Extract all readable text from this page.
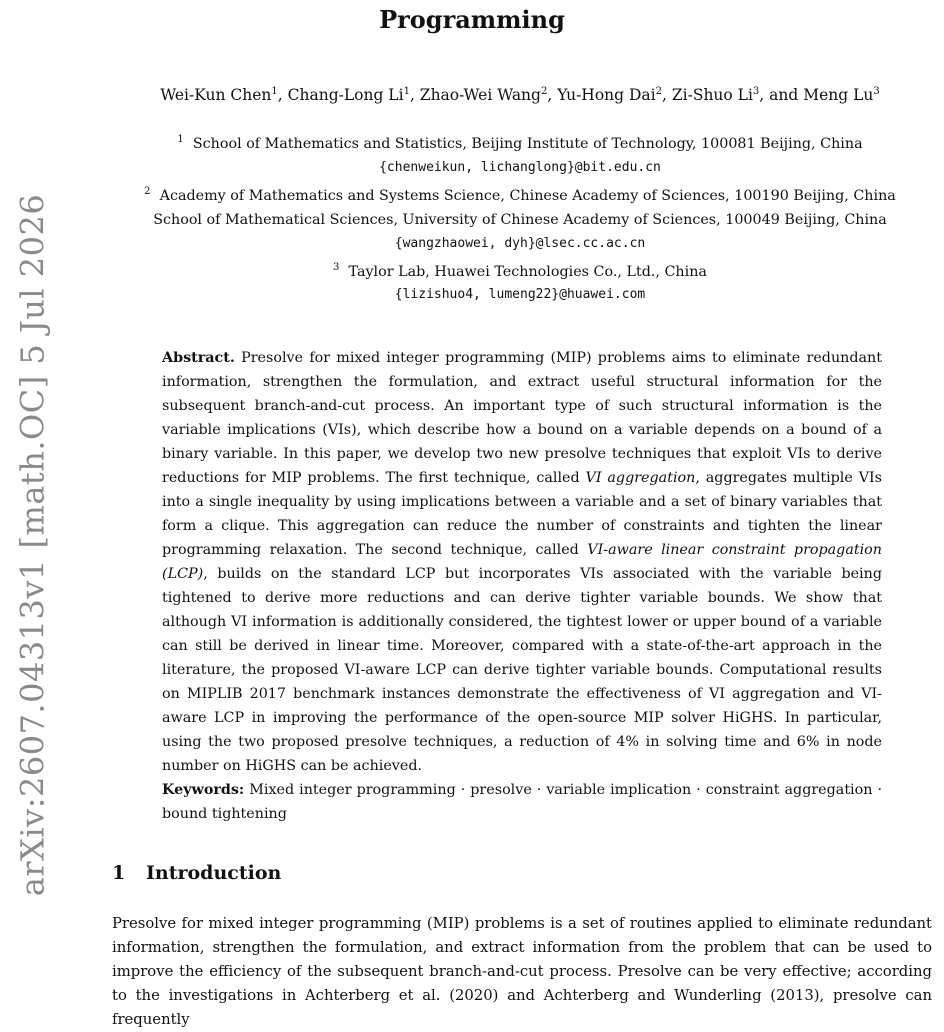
arXiv:2607.04313v1 [math.OC] 5 Jul 2026
Programming
Wei-Kun Chen$^1$, Chang-Long Li$^1$, Zhao-Wei Wang$^2$, Yu-Hong Dai$^2$, Zi-Shuo Li$^3$, and Meng Lu$^3$
$^1$ School of Mathematics and Statistics, Beijing Institute of Technology, 100081 Beijing, China
{chenweikun, lichanglong}@bit.edu.cn
$^2$ Academy of Mathematics and Systems Science, Chinese Academy of Sciences, 100190 Beijing, China
School of Mathematical Sciences, University of Chinese Academy of Sciences, 100049 Beijing, China
{wangzhaowei, dyh}@lsec.cc.ac.cn
$^3$ Taylor Lab, Huawei Technologies Co., Ltd., China
{lizishuo4, lumeng22}@huawei.com
Abstract. Presolve for mixed integer programming (MIP) problems aims to eliminate redundant information, strengthen the formulation, and extract useful structural information for the subsequent branch-and-cut process. An important type of such structural information is the variable implications (VIs), which describe how a bound on a variable depends on a bound of a binary variable. In this paper, we develop two new presolve techniques that exploit VIs to derive reductions for MIP problems. The first technique, called VI aggregation, aggregates multiple VIs into a single inequality by using implications between a variable and a set of binary variables that form a clique. This aggregation can reduce the number of constraints and tighten the linear programming relaxation. The second technique, called VI-aware linear constraint propagation (LCP), builds on the standard LCP but incorporates VIs associated with the variable being tightened to derive more reductions and can derive tighter variable bounds. We show that although VI information is additionally considered, the tightest lower or upper bound of a variable can still be derived in linear time. Moreover, compared with a state-of-the-art approach in the literature, the proposed VI-aware LCP can derive tighter variable bounds. Computational results on MIPLIB 2017 benchmark instances demonstrate the effectiveness of VI aggregation and VI-aware LCP in improving the performance of the open-source MIP solver HiGHS. In particular, using the two proposed presolve techniques, a reduction of 4% in solving time and 6% in node number on HiGHS can be achieved.
Keywords: Mixed integer programming · presolve · variable implication · constraint aggregation · bound tightening
1 Introduction
Presolve for mixed integer programming (MIP) problems is a set of routines applied to eliminate redundant information, strengthen the formulation, and extract information from the problem that can be used to improve the efficiency of the subsequent branch-and-cut process. Presolve can be very effective; according to the investigations in Achterberg et al. (2020) and Achterberg and Wunderling (2013), presolve can frequently
